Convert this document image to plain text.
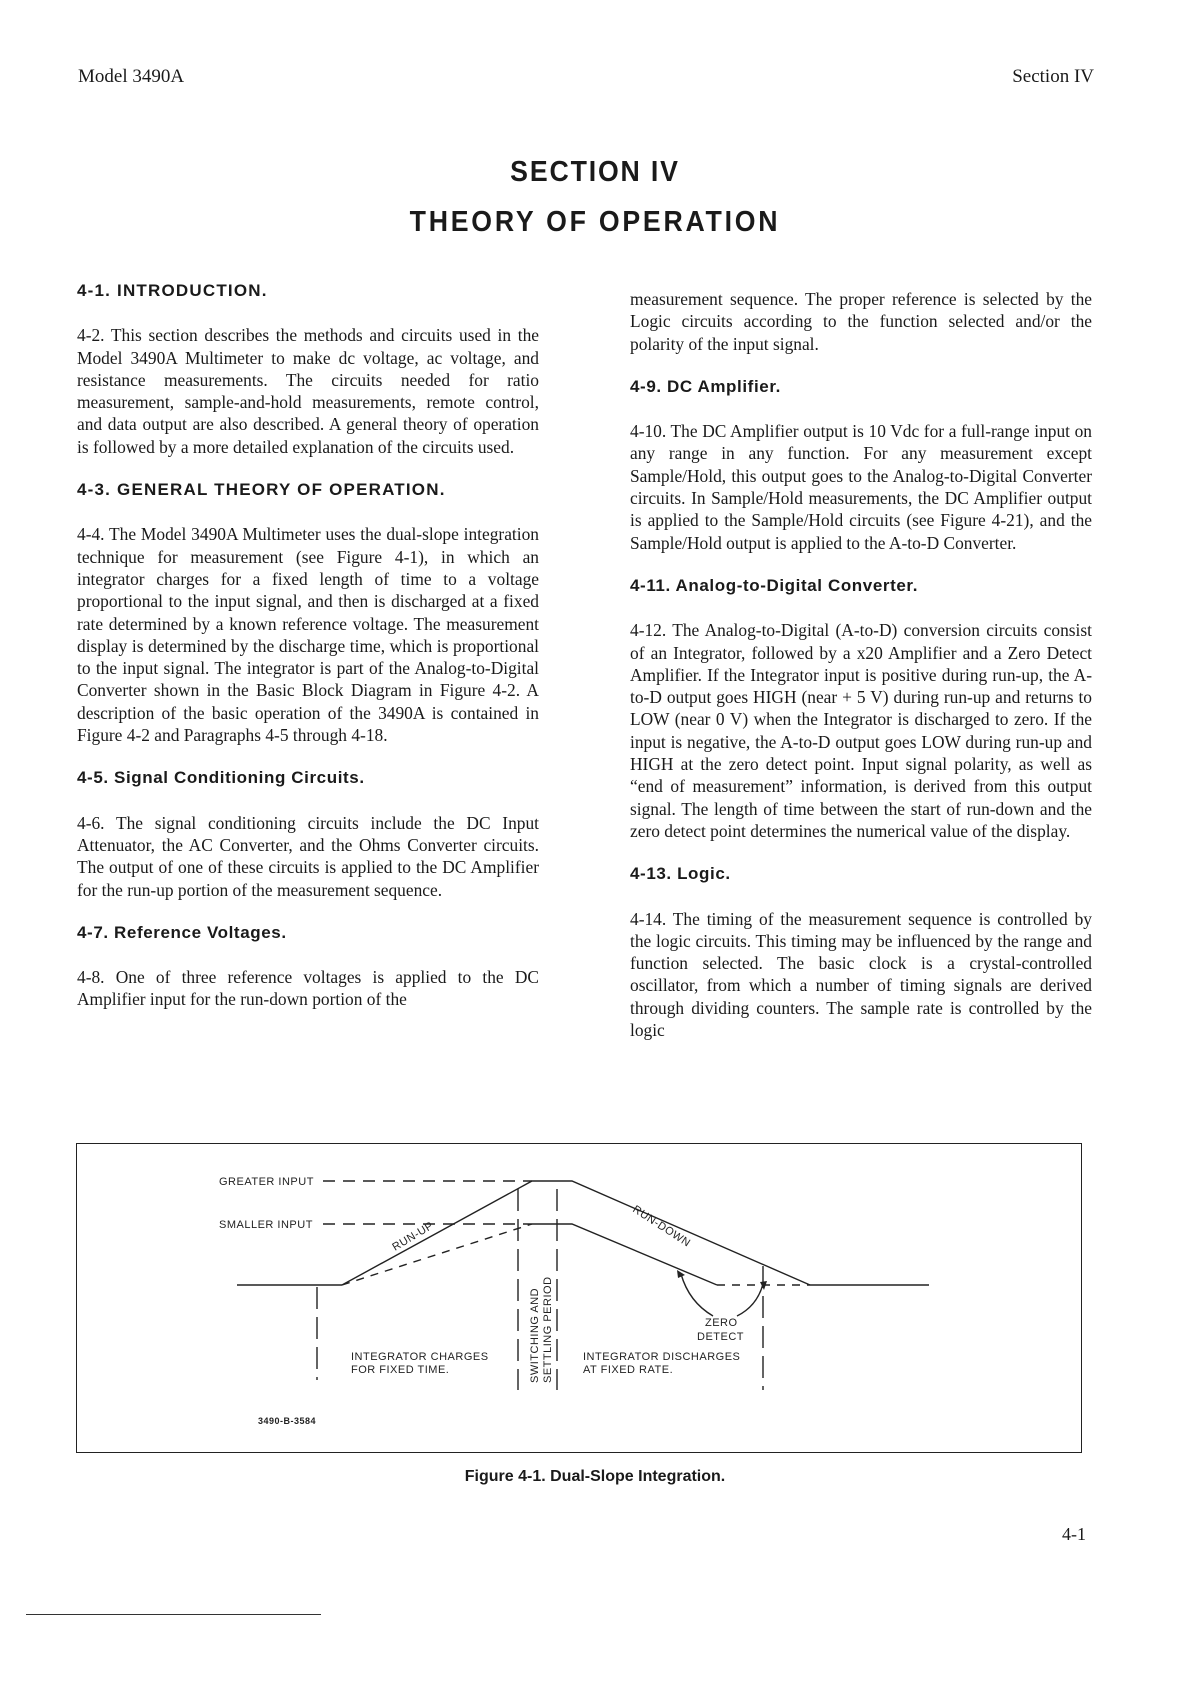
Model 3490A	Section IV
SECTION IV
THEORY OF OPERATION
4-1. INTRODUCTION.

4-2. This section describes the methods and circuits used in the Model 3490A Multimeter to make dc voltage, ac voltage, and resistance measurements. The circuits needed for ratio measurement, sample-and-hold measurements, remote control, and data output are also described. A general theory of operation is followed by a more detailed explanation of the circuits used.

4-3. GENERAL THEORY OF OPERATION.

4-4. The Model 3490A Multimeter uses the dual-slope integration technique for measurement (see Figure 4-1), in which an integrator charges for a fixed length of time to a voltage proportional to the input signal, and then is discharged at a fixed rate determined by a known reference voltage. The measurement display is determined by the discharge time, which is proportional to the input signal. The integrator is part of the Analog-to-Digital Converter shown in the Basic Block Diagram in Figure 4-2. A description of the basic operation of the 3490A is contained in Figure 4-2 and Paragraphs 4-5 through 4-18.

4-5. Signal Conditioning Circuits.

4-6. The signal conditioning circuits include the DC Input Attenuator, the AC Converter, and the Ohms Converter circuits. The output of one of these circuits is applied to the DC Amplifier for the run-up portion of the measurement sequence.

4-7. Reference Voltages.

4-8. One of three reference voltages is applied to the DC Amplifier input for the run-down portion of the

measurement sequence. The proper reference is selected by the Logic circuits according to the function selected and/or the polarity of the input signal.

4-9. DC Amplifier.

4-10. The DC Amplifier output is 10 Vdc for a full-range input on any range in any function. For any measurement except Sample/Hold, this output goes to the Analog-to-Digital Converter circuits. In Sample/Hold measurements, the DC Amplifier output is applied to the Sample/Hold circuits (see Figure 4-21), and the Sample/Hold output is applied to the A-to-D Converter.

4-11. Analog-to-Digital Converter.

4-12. The Analog-to-Digital (A-to-D) conversion circuits consist of an Integrator, followed by a x20 Amplifier and a Zero Detect Amplifier. If the Integrator input is positive during run-up, the A-to-D output goes HIGH (near + 5 V) during run-up and returns to LOW (near 0 V) when the Integrator is discharged to zero. If the input is negative, the A-to-D output goes LOW during run-up and HIGH at the zero detect point. Input signal polarity, as well as “end of measurement” information, is derived from this output signal. The length of time between the start of run-down and the zero detect point determines the numerical value of the display.

4-13. Logic.

4-14. The timing of the measurement sequence is controlled by the logic circuits. This timing may be influenced by the range and function selected. The basic clock is a crystal-controlled oscillator, from which a number of timing signals are derived through dividing counters. The sample rate is controlled by the logic

GREATER INPUT
SMALLER INPUT	RUN-UP	RUN-DOWN
SWITCHING AND SETTLING PERIOD	ZERO
DETECT
INTEGRATOR CHARGES
FOR FIXED TIME.
INTEGRATOR DISCHARGES
AT FIXED RATE.
3490-B-3584
Figure 4-1. Dual-Slope Integration.
4-1
